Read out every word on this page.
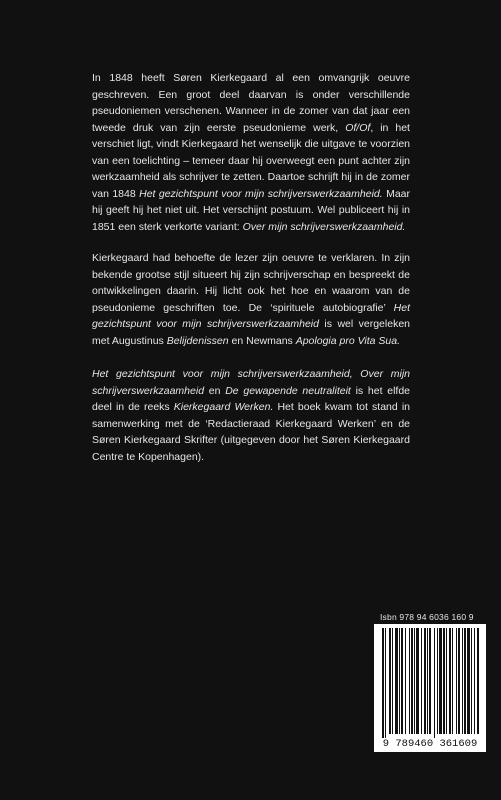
In 1848 heeft Søren Kierkegaard al een omvangrijk oeuvre geschreven. Een groot deel daarvan is onder verschillende pseudoniemen verschenen. Wanneer in de zomer van dat jaar een tweede druk van zijn eerste pseudonieme werk, Of/Of, in het verschiet ligt, vindt Kierkegaard het wenselijk die uitgave te voorzien van een toelichting – temeer daar hij overweegt een punt achter zijn werkzaamheid als schrijver te zetten. Daartoe schrijft hij in de zomer van 1848 Het gezichtspunt voor mijn schrijverswerkzaamheid. Maar hij geeft hij het niet uit. Het verschijnt postuum. Wel publiceert hij in 1851 een sterk verkorte variant: Over mijn schrijverswerkzaamheid.

Kierkegaard had behoefte de lezer zijn oeuvre te verklaren. In zijn bekende grootse stijl situeert hij zijn schrijverschap en bespreekt de ontwikkelingen daarin. Hij licht ook het hoe en waarom van de pseudonieme geschriften toe. De ‘spirituele autobiografie’ Het gezichtspunt voor mijn schrijverswerkzaamheid is wel vergeleken met Augustinus Belijdenissen en Newmans Apologia pro Vita Sua.

Het gezichtspunt voor mijn schrijverswerkzaamheid, Over mijn schrijverswerkzaamheid en De gewapende neutraliteit is het elfde deel in de reeks Kierkegaard Werken. Het boek kwam tot stand in samenwerking met de ‘Redactieraad Kierkegaard Werken’ en de Søren Kierkegaard Skrifter (uitgegeven door het Søren Kierkegaard Centre te Kopenhagen).

Isbn 978 94 6036 160 9
9 789460 361609
